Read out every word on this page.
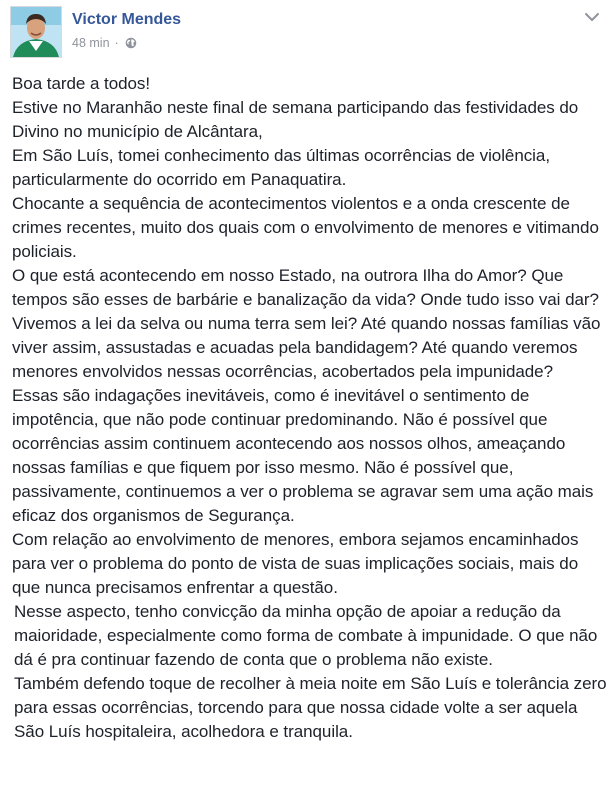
Victor Mendes
48 min ·

Boa tarde a todos!

Estive no Maranhão neste final de semana participando das festividades do Divino no município de Alcântara,

Em São Luís, tomei conhecimento das últimas ocorrências de violência, particularmente do ocorrido em Panaquatira.

Chocante a sequência de acontecimentos violentos e a onda crescente de crimes recentes, muito dos quais com o envolvimento de menores e vitimando policiais.

O que está acontecendo em nosso Estado, na outrora Ilha do Amor? Que tempos são esses de barbárie e banalização da vida? Onde tudo isso vai dar? Vivemos a lei da selva ou numa terra sem lei? Até quando nossas famílias vão viver assim, assustadas e acuadas pela bandidagem? Até quando veremos menores envolvidos nessas ocorrências, acobertados pela impunidade?

Essas são indagações inevitáveis, como é inevitável o sentimento de impotência, que não pode continuar predominando. Não é possível que ocorrências assim continuem acontecendo aos nossos olhos, ameaçando nossas famílias e que fiquem por isso mesmo. Não é possível que, passivamente, continuemos a ver o problema se agravar sem uma ação mais eficaz dos organismos de Segurança.

Com relação ao envolvimento de menores, embora sejamos encaminhados para ver o problema do ponto de vista de suas implicações sociais, mais do que nunca precisamos enfrentar a questão.

Nesse aspecto, tenho convicção da minha opção de apoiar a redução da maioridade, especialmente como forma de combate à impunidade. O que não dá é pra continuar fazendo de conta que o problema não existe.

Também defendo toque de recolher à meia noite em São Luís e tolerância zero para essas ocorrências, torcendo para que nossa cidade volte a ser aquela São Luís hospitaleira, acolhedora e tranquila.
